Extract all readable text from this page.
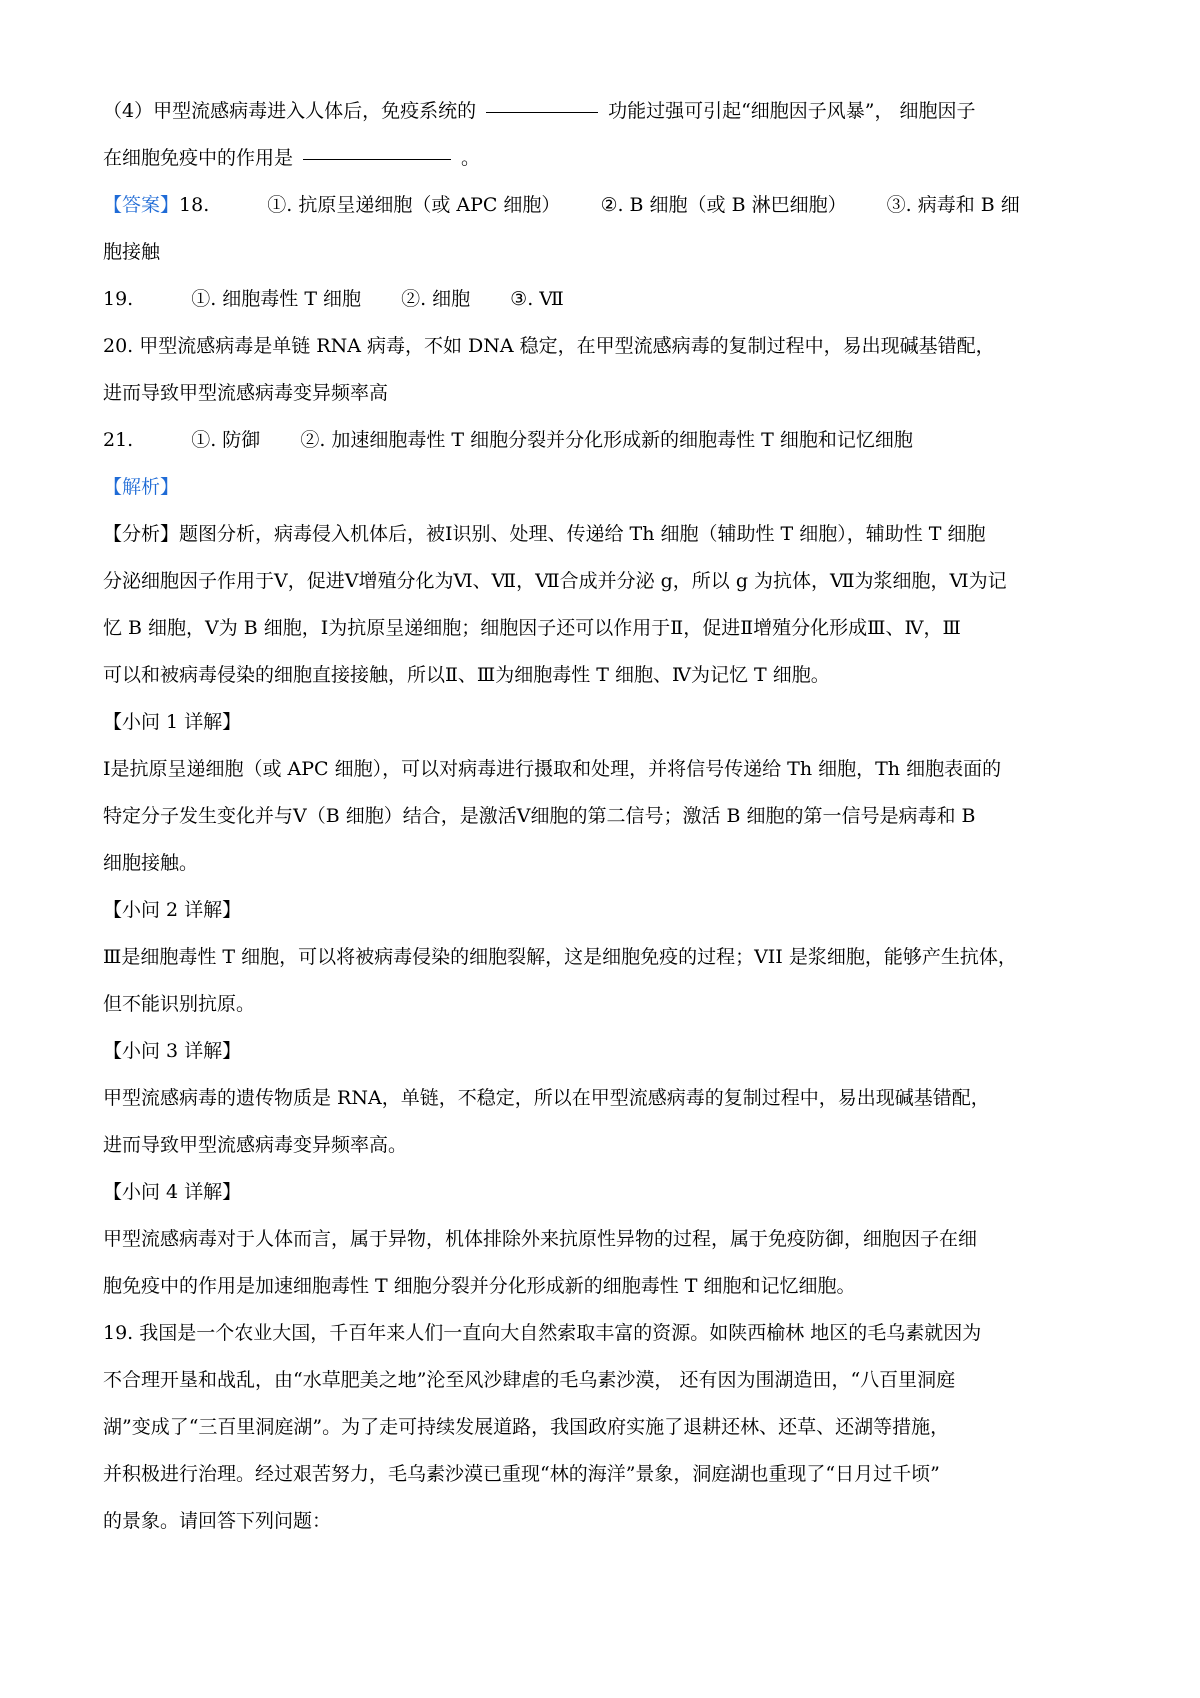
（4）甲型流感病毒进入人体后，免疫系统的	功能过强可引起“细胞因子风暴”， 细胞因子

在细胞免疫中的作用是	。

【答案】18.	①. 抗原呈递细胞（或 APC 细胞） ②. B 细胞（或 B 淋巴细胞） ③. 病毒和 B 细

胞接触

19.	①. 细胞毒性 T 细胞 ②. 细胞 ③. Ⅶ

20. 甲型流感病毒是单链 RNA 病毒，不如 DNA 稳定，在甲型流感病毒的复制过程中，易出现碱基错配，

进而导致甲型流感病毒变异频率高

21.	①. 防御 ②. 加速细胞毒性 T 细胞分裂并分化形成新的细胞毒性 T 细胞和记忆细胞

【解析】

【分析】题图分析，病毒侵入机体后，被Ⅰ识别、处理、传递给 Th 细胞（辅助性 T 细胞），辅助性 T 细胞

分泌细胞因子作用于Ⅴ，促进Ⅴ增殖分化为Ⅵ、Ⅶ，Ⅶ合成并分泌 g，所以 g 为抗体，Ⅶ为浆细胞，Ⅵ为记

忆 B 细胞，Ⅴ为 B 细胞，Ⅰ为抗原呈递细胞；细胞因子还可以作用于Ⅱ，促进Ⅱ增殖分化形成Ⅲ、Ⅳ，Ⅲ

可以和被病毒侵染的细胞直接接触，所以Ⅱ、Ⅲ为细胞毒性 T 细胞、Ⅳ为记忆 T 细胞。

【小问 1 详解】

Ⅰ是抗原呈递细胞（或 APC 细胞），可以对病毒进行摄取和处理，并将信号传递给 Th 细胞，Th 细胞表面的

特定分子发生变化并与Ⅴ（B 细胞）结合，是激活Ⅴ细胞的第二信号；激活 B 细胞的第一信号是病毒和 B

细胞接触。

【小问 2 详解】

Ⅲ是细胞毒性 T 细胞，可以将被病毒侵染的细胞裂解，这是细胞免疫的过程；VII 是浆细胞，能够产生抗体，

但不能识别抗原。

【小问 3 详解】

甲型流感病毒的遗传物质是 RNA，单链，不稳定，所以在甲型流感病毒的复制过程中，易出现碱基错配，

进而导致甲型流感病毒变异频率高。

【小问 4 详解】

甲型流感病毒对于人体而言，属于异物，机体排除外来抗原性异物的过程，属于免疫防御，细胞因子在细

胞免疫中的作用是加速细胞毒性 T 细胞分裂并分化形成新的细胞毒性 T 细胞和记忆细胞。

19. 我国是一个农业大国，千百年来人们一直向大自然索取丰富的资源。如陕西榆林 地区的毛乌素就因为

不合理开垦和战乱，由“水草肥美之地”沦至风沙肆虐的毛乌素沙漠， 还有因为围湖造田，“八百里洞庭

湖”变成了“三百里洞庭湖”。为了走可持续发展道路，我国政府实施了退耕还林、还草、还湖等措施，

并积极进行治理。经过艰苦努力，毛乌素沙漠已重现“林的海洋”景象，洞庭湖也重现了“日月过千顷”

的景象。请回答下列问题：
